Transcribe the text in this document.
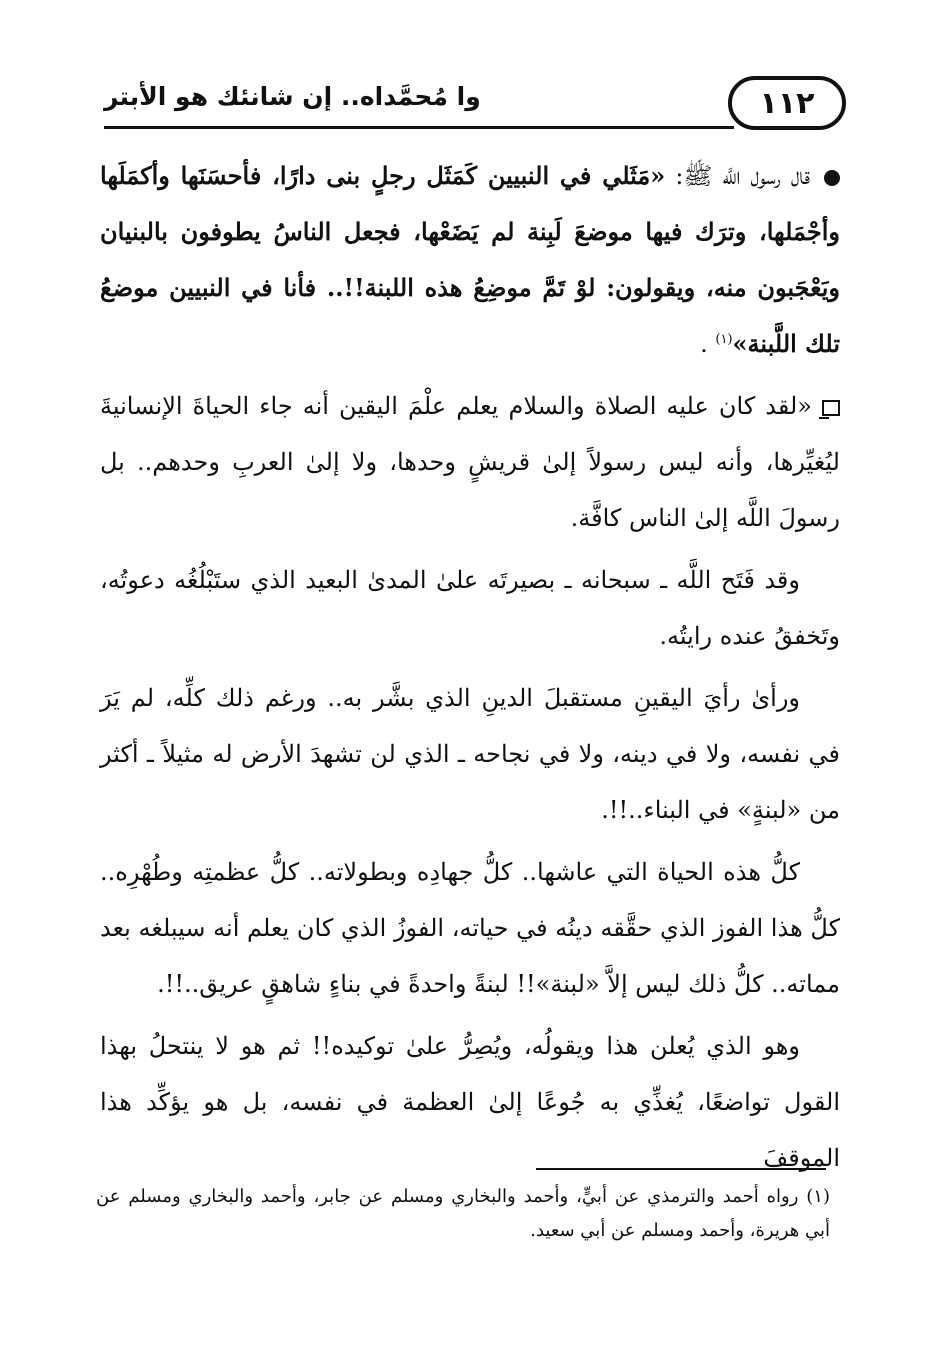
١١٢
وا مُحمَّداه.. إن شانئك هو الأبتر

قال رسول اللَّه ﷺ: «مَثَلي في النبيين كَمَثَل رجلٍ بنى دارًا، فأحسَنَها وأكمَلَها وأجْمَلها، وترَك فيها موضعَ لَبِنة لم يَضَعْها، فجعل الناسُ يطوفون بالبنيان ويَعْجَبون منه، ويقولون: لوْ تَمَّ موضِعُ هذه اللبنة!!.. فأنا في النبيين موضعُ تلك اللَّبنة»$^{(١)}$ .

«لقد كان عليه الصلاة والسلام يعلم علْمَ اليقين أنه جاء الحياةَ الإنسانيةَ ليُغيِّرها، وأنه ليس رسولاً إلىٰ قريشٍ وحدها، ولا إلىٰ العربِ وحدهم.. بل رسولَ اللَّه إلىٰ الناس كافَّة.

وقد فَتَح اللَّه ـ سبحانه ـ بصيرتَه علىٰ المدىٰ البعيد الذي ستَبْلُغُه دعوتُه، وتَخفقُ عنده رايتُه.

ورأىٰ رأيَ اليقينِ مستقبلَ الدينِ الذي بشَّر به.. ورغم ذلك كلِّه، لم يَرَ في نفسه، ولا في دينه، ولا في نجاحه ـ الذي لن تشهدَ الأرض له مثيلاً ـ أكثر من «لبنةٍ» في البناء..!!.

كلُّ هذه الحياة التي عاشها.. كلُّ جهادِه وبطولاته.. كلُّ عظمتِه وطُهْرِه.. كلُّ هذا الفوز الذي حقَّقه دينُه في حياته، الفوزُ الذي كان يعلم أنه سيبلغه بعد مماته.. كلُّ ذلك ليس إلاَّ «لبنة»!! لبنةً واحدةً في بناءٍ شاهقٍ عريق..!!.

وهو الذي يُعلن هذا ويقولُه، ويُصِرُّ علىٰ توكيده!! ثم هو لا ينتحلُ بهذا القول تواضعًا، يُغذِّي به جُوعًا إلىٰ العظمة في نفسه، بل هو يؤكِّد هذا الموقفَ

(١) رواه أحمد والترمذي عن أبيٍّ، وأحمد والبخاري ومسلم عن جابر، وأحمد والبخاري ومسلم عن أبي هريرة، وأحمد ومسلم عن أبي سعيد.
